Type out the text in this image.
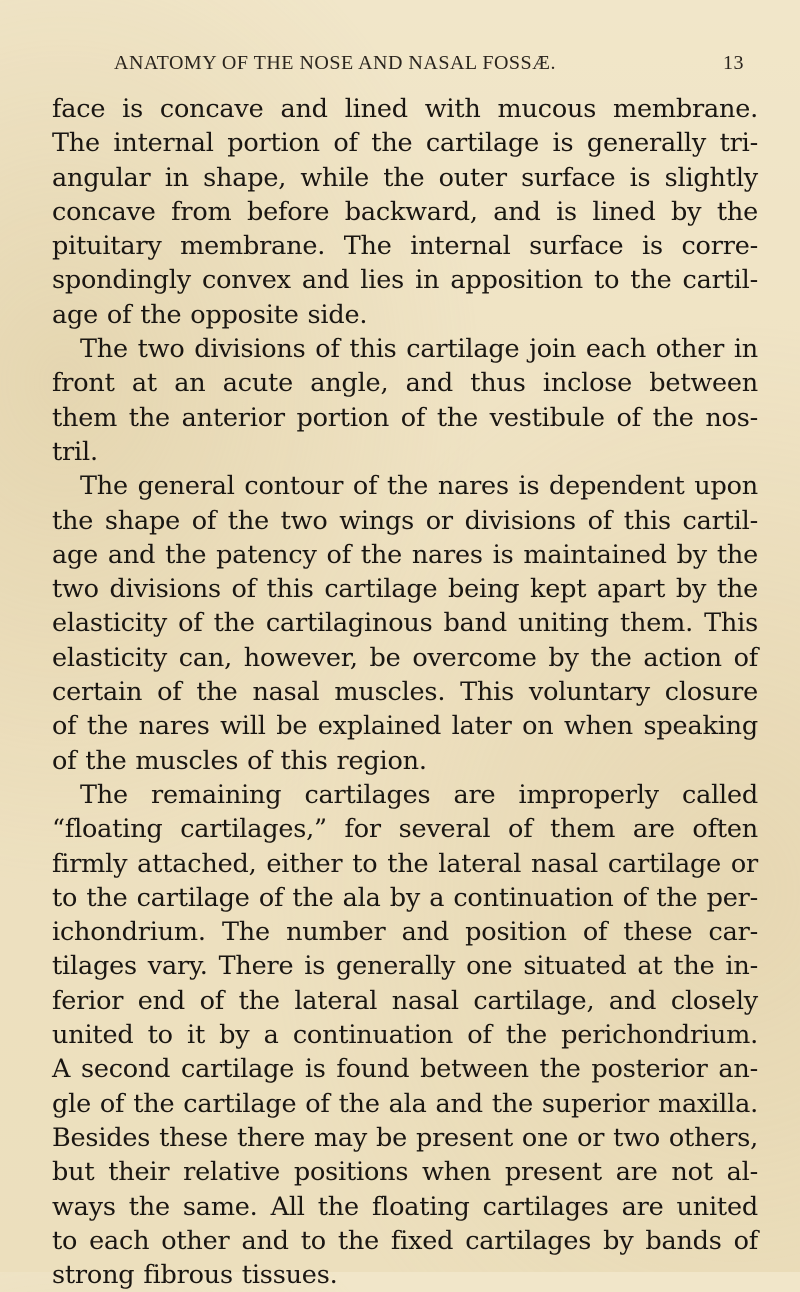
ANATOMY OF THE NOSE AND NASAL FOSSÆ.	13
face is concave and lined with mucous membrane.
The internal portion of the cartilage is generally tri-
angular in shape, while the outer surface is slightly
concave from before backward, and is lined by the
pituitary membrane. The internal surface is corre-
spondingly convex and lies in apposition to the cartil-
age of the opposite side.
The two divisions of this cartilage join each other in
front at an acute angle, and thus inclose between
them the anterior portion of the vestibule of the nos-
tril.
The general contour of the nares is dependent upon
the shape of the two wings or divisions of this cartil-
age and the patency of the nares is maintained by the
two divisions of this cartilage being kept apart by the
elasticity of the cartilaginous band uniting them. This
elasticity can, however, be overcome by the action of
certain of the nasal muscles. This voluntary closure
of the nares will be explained later on when speaking
of the muscles of this region.
The remaining cartilages are improperly called
“floating cartilages,” for several of them are often
firmly attached, either to the lateral nasal cartilage or
to the cartilage of the ala by a continuation of the per-
ichondrium. The number and position of these car-
tilages vary. There is generally one situated at the in-
ferior end of the lateral nasal cartilage, and closely
united to it by a continuation of the perichondrium.
A second cartilage is found between the posterior an-
gle of the cartilage of the ala and the superior maxilla.
Besides these there may be present one or two others,
but their relative positions when present are not al-
ways the same. All the floating cartilages are united
to each other and to the fixed cartilages by bands of
strong fibrous tissues.
